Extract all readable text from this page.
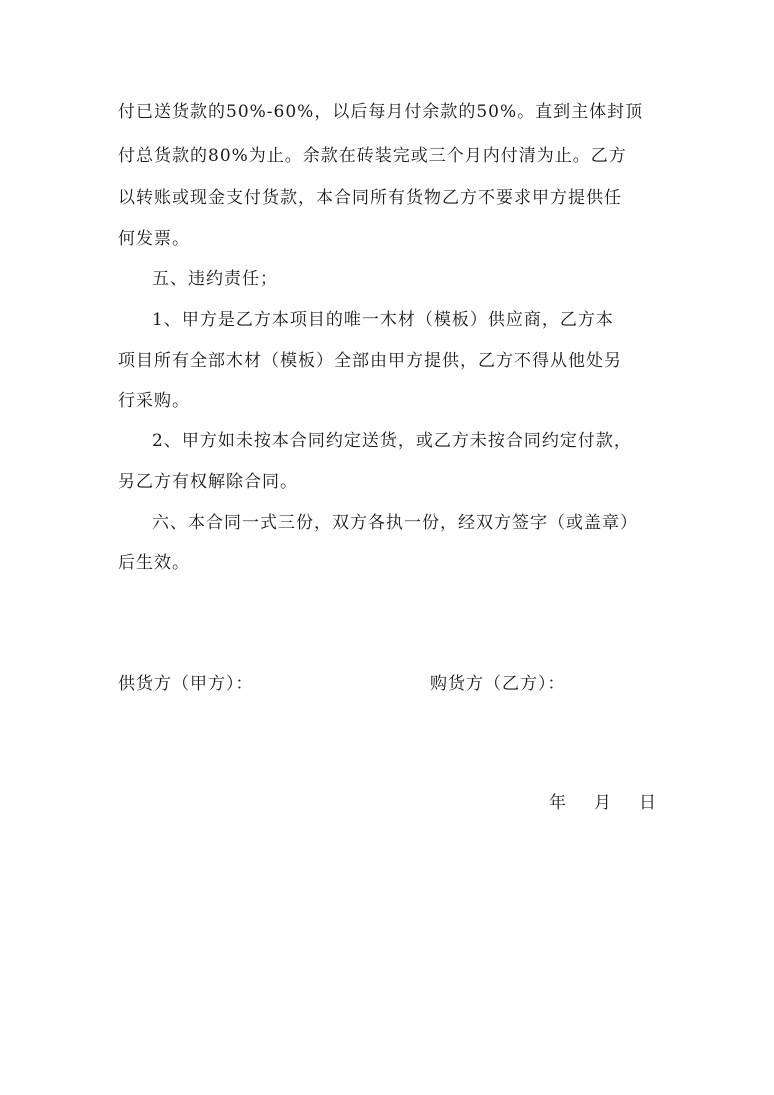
付已送货款的50%-60%，以后每月付余款的50%。直到主体封顶
付总货款的80%为止。余款在砖装完或三个月内付清为止。乙方
以转账或现金支付货款，本合同所有货物乙方不要求甲方提供任
何发票。
五、违约责任；
1、甲方是乙方本项目的唯一木材（模板）供应商，乙方本
项目所有全部木材（模板）全部由甲方提供，乙方不得从他处另
行采购。
2、甲方如未按本合同约定送货，或乙方未按合同约定付款，
另乙方有权解除合同。
六、本合同一式三份，双方各执一份，经双方签字（或盖章）
后生效。
供货方（甲方）：	购货方（乙方）：
年 月 日
